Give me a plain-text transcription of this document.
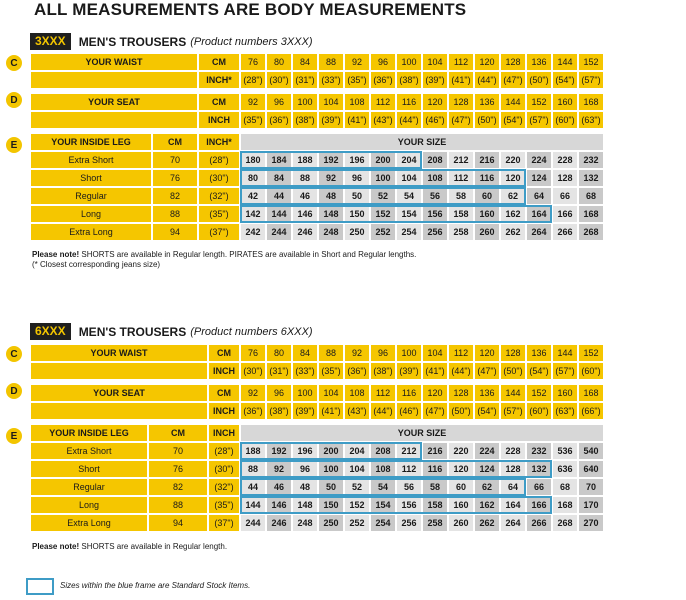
ALL MEASUREMENTS ARE BODY MEASUREMENTS
3XXX	MEN'S TROUSERS (Product numbers 3XXX)
C
D
E
YOUR WAIST		CM	76	80	84	88	92	96	100	104	112	120	128	136	144	152
		INCH*	(28")	(30")	(31")	(33")	(35")	(36")	(38")	(39")	(41")	(44")	(47")	(50")	(54")	(57")

YOUR SEAT		CM	92	96	100	104	108	112	116	120	128	136	144	152	160	168
		INCH	(35")	(36")	(38")	(39")	(41")	(43")	(44")	(46")	(47")	(50")	(54")	(57")	(60")	(63")

YOUR INSIDE LEG	CM	INCH*	YOUR SIZE													
Extra Short	70	(28")	180	184	188	192	196	200	204	208	212	216	220	224	228	232
Short	76	(30")	80	84	88	92	96	100	104	108	112	116	120	124	128	132
Regular	82	(32")	42	44	46	48	50	52	54	56	58	60	62	64	66	68
Long	88	(35")	142	144	146	148	150	152	154	156	158	160	162	164	166	168
Extra Long	94	(37")	242	244	246	248	250	252	254	256	258	260	262	264	266	268
Please note! SHORTS are available in Regular length. PIRATES are available in Short and Regular lengths.
(* Closest corresponding jeans size)
6XXX	MEN'S TROUSERS (Product numbers 6XXX)
C
D
E
YOUR WAIST		CM	76	80	84	88	92	96	100	104	112	120	128	136	144	152
		INCH	(30")	(31")	(33")	(35")	(36")	(38")	(39")	(41")	(44")	(47")	(50")	(54")	(57")	(60")

YOUR SEAT		CM	92	96	100	104	108	112	116	120	128	136	144	152	160	168
		INCH	(36")	(38")	(39")	(41")	(43")	(44")	(46")	(47")	(50")	(54")	(57")	(60")	(63")	(66")

YOUR INSIDE LEG	CM	INCH	YOUR SIZE													
Extra Short	70	(28")	188	192	196	200	204	208	212	216	220	224	228	232	536	540
Short	76	(30")	88	92	96	100	104	108	112	116	120	124	128	132	636	640
Regular	82	(32")	44	46	48	50	52	54	56	58	60	62	64	66	68	70
Long	88	(35")	144	146	148	150	152	154	156	158	160	162	164	166	168	170
Extra Long	94	(37")	244	246	248	250	252	254	256	258	260	262	264	266	268	270
Please note! SHORTS are available in Regular length.
Sizes within the blue frame are Standard Stock Items.
